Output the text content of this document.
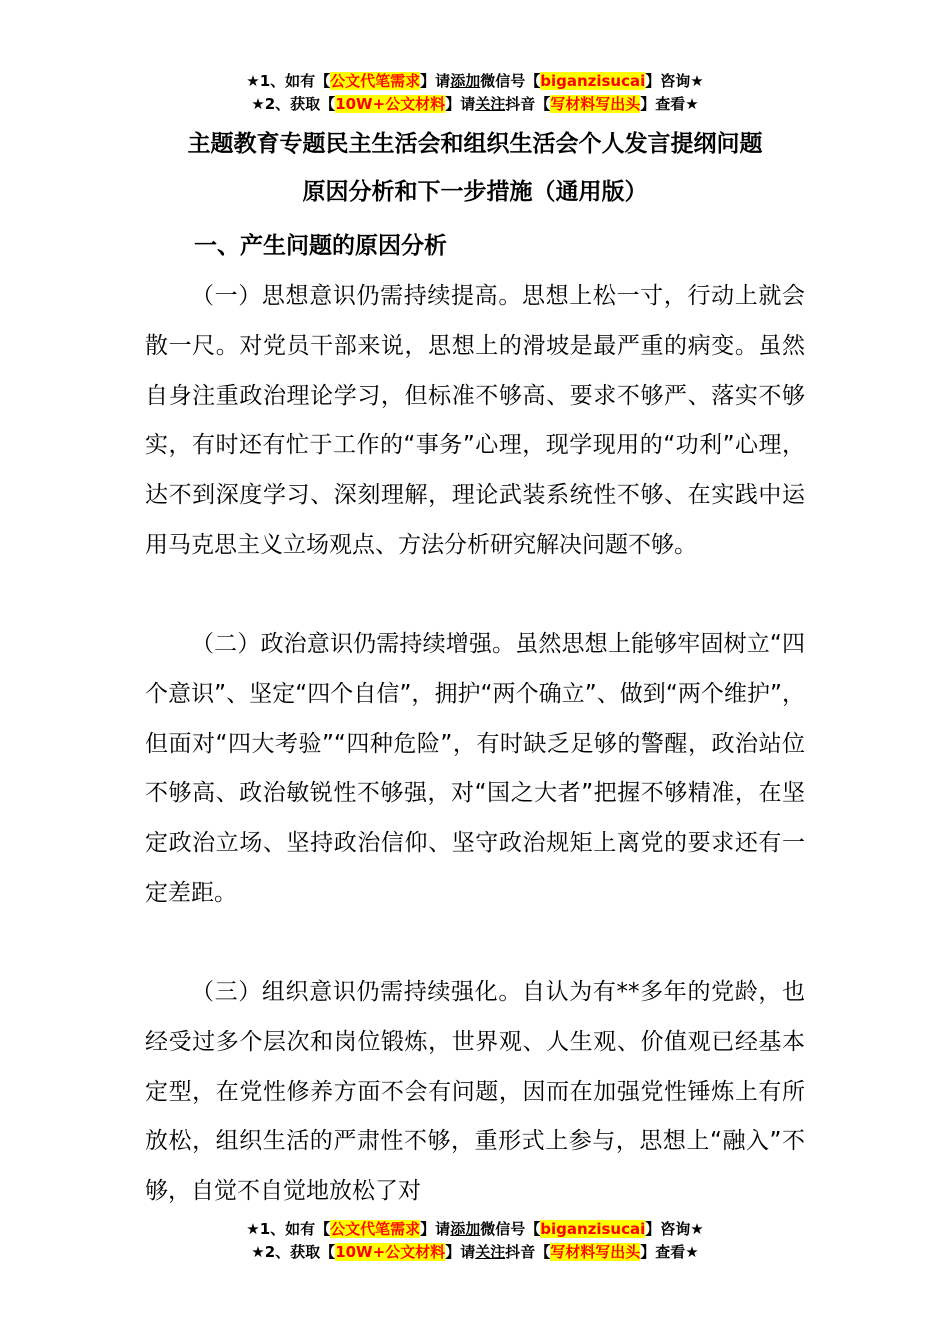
★1、如有【公文代笔需求】请添加微信号【biganzisucai】咨询★
★2、获取【10W+公文材料】请关注抖音【写材料写出头】查看★
主题教育专题民主生活会和组织生活会个人发言提纲问题
原因分析和下一步措施（通用版）
一、产生问题的原因分析

（一）思想意识仍需持续提高。思想上松一寸，行动上就会散一尺。对党员干部来说，思想上的滑坡是最严重的病变。虽然自身注重政治理论学习，但标准不够高、要求不够严、落实不够实，有时还有忙于工作的“事务”心理，现学现用的“功利”心理，达不到深度学习、深刻理解，理论武装系统性不够、在实践中运用马克思主义立场观点、方法分析研究解决问题不够。

（二）政治意识仍需持续增强。虽然思想上能够牢固树立“四个意识”、坚定“四个自信”，拥护“两个确立”、做到“两个维护”，但面对“四大考验”“四种危险”，有时缺乏足够的警醒，政治站位不够高、政治敏锐性不够强，对“国之大者”把握不够精准，在坚定政治立场、坚持政治信仰、坚守政治规矩上离党的要求还有一定差距。

（三）组织意识仍需持续强化。自认为有**多年的党龄，也经受过多个层次和岗位锻炼，世界观、人生观、价值观已经基本定型，在党性修养方面不会有问题，因而在加强党性锤炼上有所放松，组织生活的严肃性不够，重形式上参与，思想上“融入”不够，自觉不自觉地放松了对

★1、如有【公文代笔需求】请添加微信号【biganzisucai】咨询★
★2、获取【10W+公文材料】请关注抖音【写材料写出头】查看★
